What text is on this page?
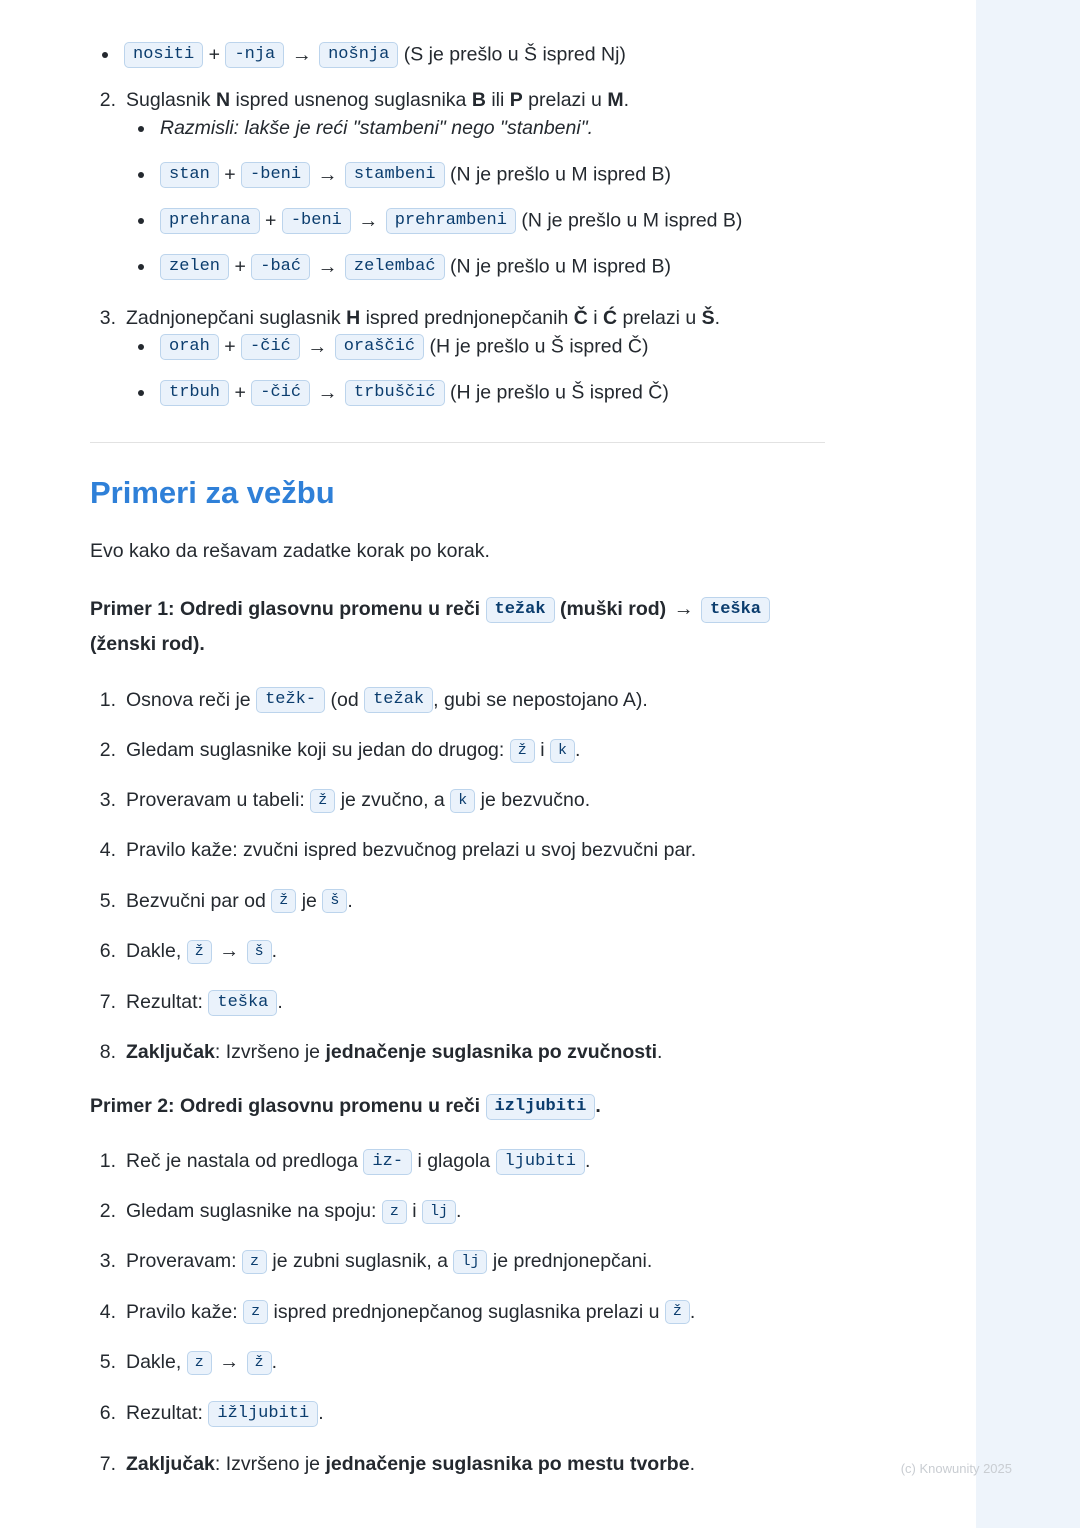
nositi + -nja → nošnja (S je prešlo u Š ispred Nj)
Suglasnik N ispred usnenog suglasnika B ili P prelazi u M.
Razmisli: lakše je reći "stambeni" nego "stanbeni".
stan + -beni → stambeni (N je prešlo u M ispred B)
prehrana + -beni → prehrambeni (N je prešlo u M ispred B)
zelen + -bać → zelembać (N je prešlo u M ispred B)
Zadnjonepčani suglasnik H ispred prednjonepčanih Č i Ć prelazi u Š.
orah + -čić → oraščić (H je prešlo u Š ispred Č)
trbuh + -čić → trbuščić (H je prešlo u Š ispred Č)
Primeri za vežbu

Evo kako da rešavam zadatke korak po korak.

Primer 1: Odredi glasovnu promenu u reči težak (muški rod) → teška (ženski rod).

Osnova reči je težk- (od težak , gubi se nepostojano A).
Gledam suglasnike koji su jedan do drugog: ž i k .
Proveravam u tabeli: ž je zvučno, a k je bezvučno.
Pravilo kaže: zvučni ispred bezvučnog prelazi u svoj bezvučni par.
Bezvučni par od ž je š .
Dakle, ž → š .
Rezultat: teška .
Zaključak: Izvršeno je jednačenje suglasnika po zvučnosti.

Primer 2: Odredi glasovnu promenu u reči izljubiti .

Reč je nastala od predloga iz- i glagola ljubiti .
Gledam suglasnike na spoju: z i lj .
Proveravam: z je zubni suglasnik, a lj je prednjonepčani.
Pravilo kaže: z ispred prednjonepčanog suglasnika prelazi u ž .
Dakle, z → ž .
Rezultat: ižljubiti .
Zaključak: Izvršeno je jednačenje suglasnika po mestu tvorbe.	(c) Knowunity 2025
